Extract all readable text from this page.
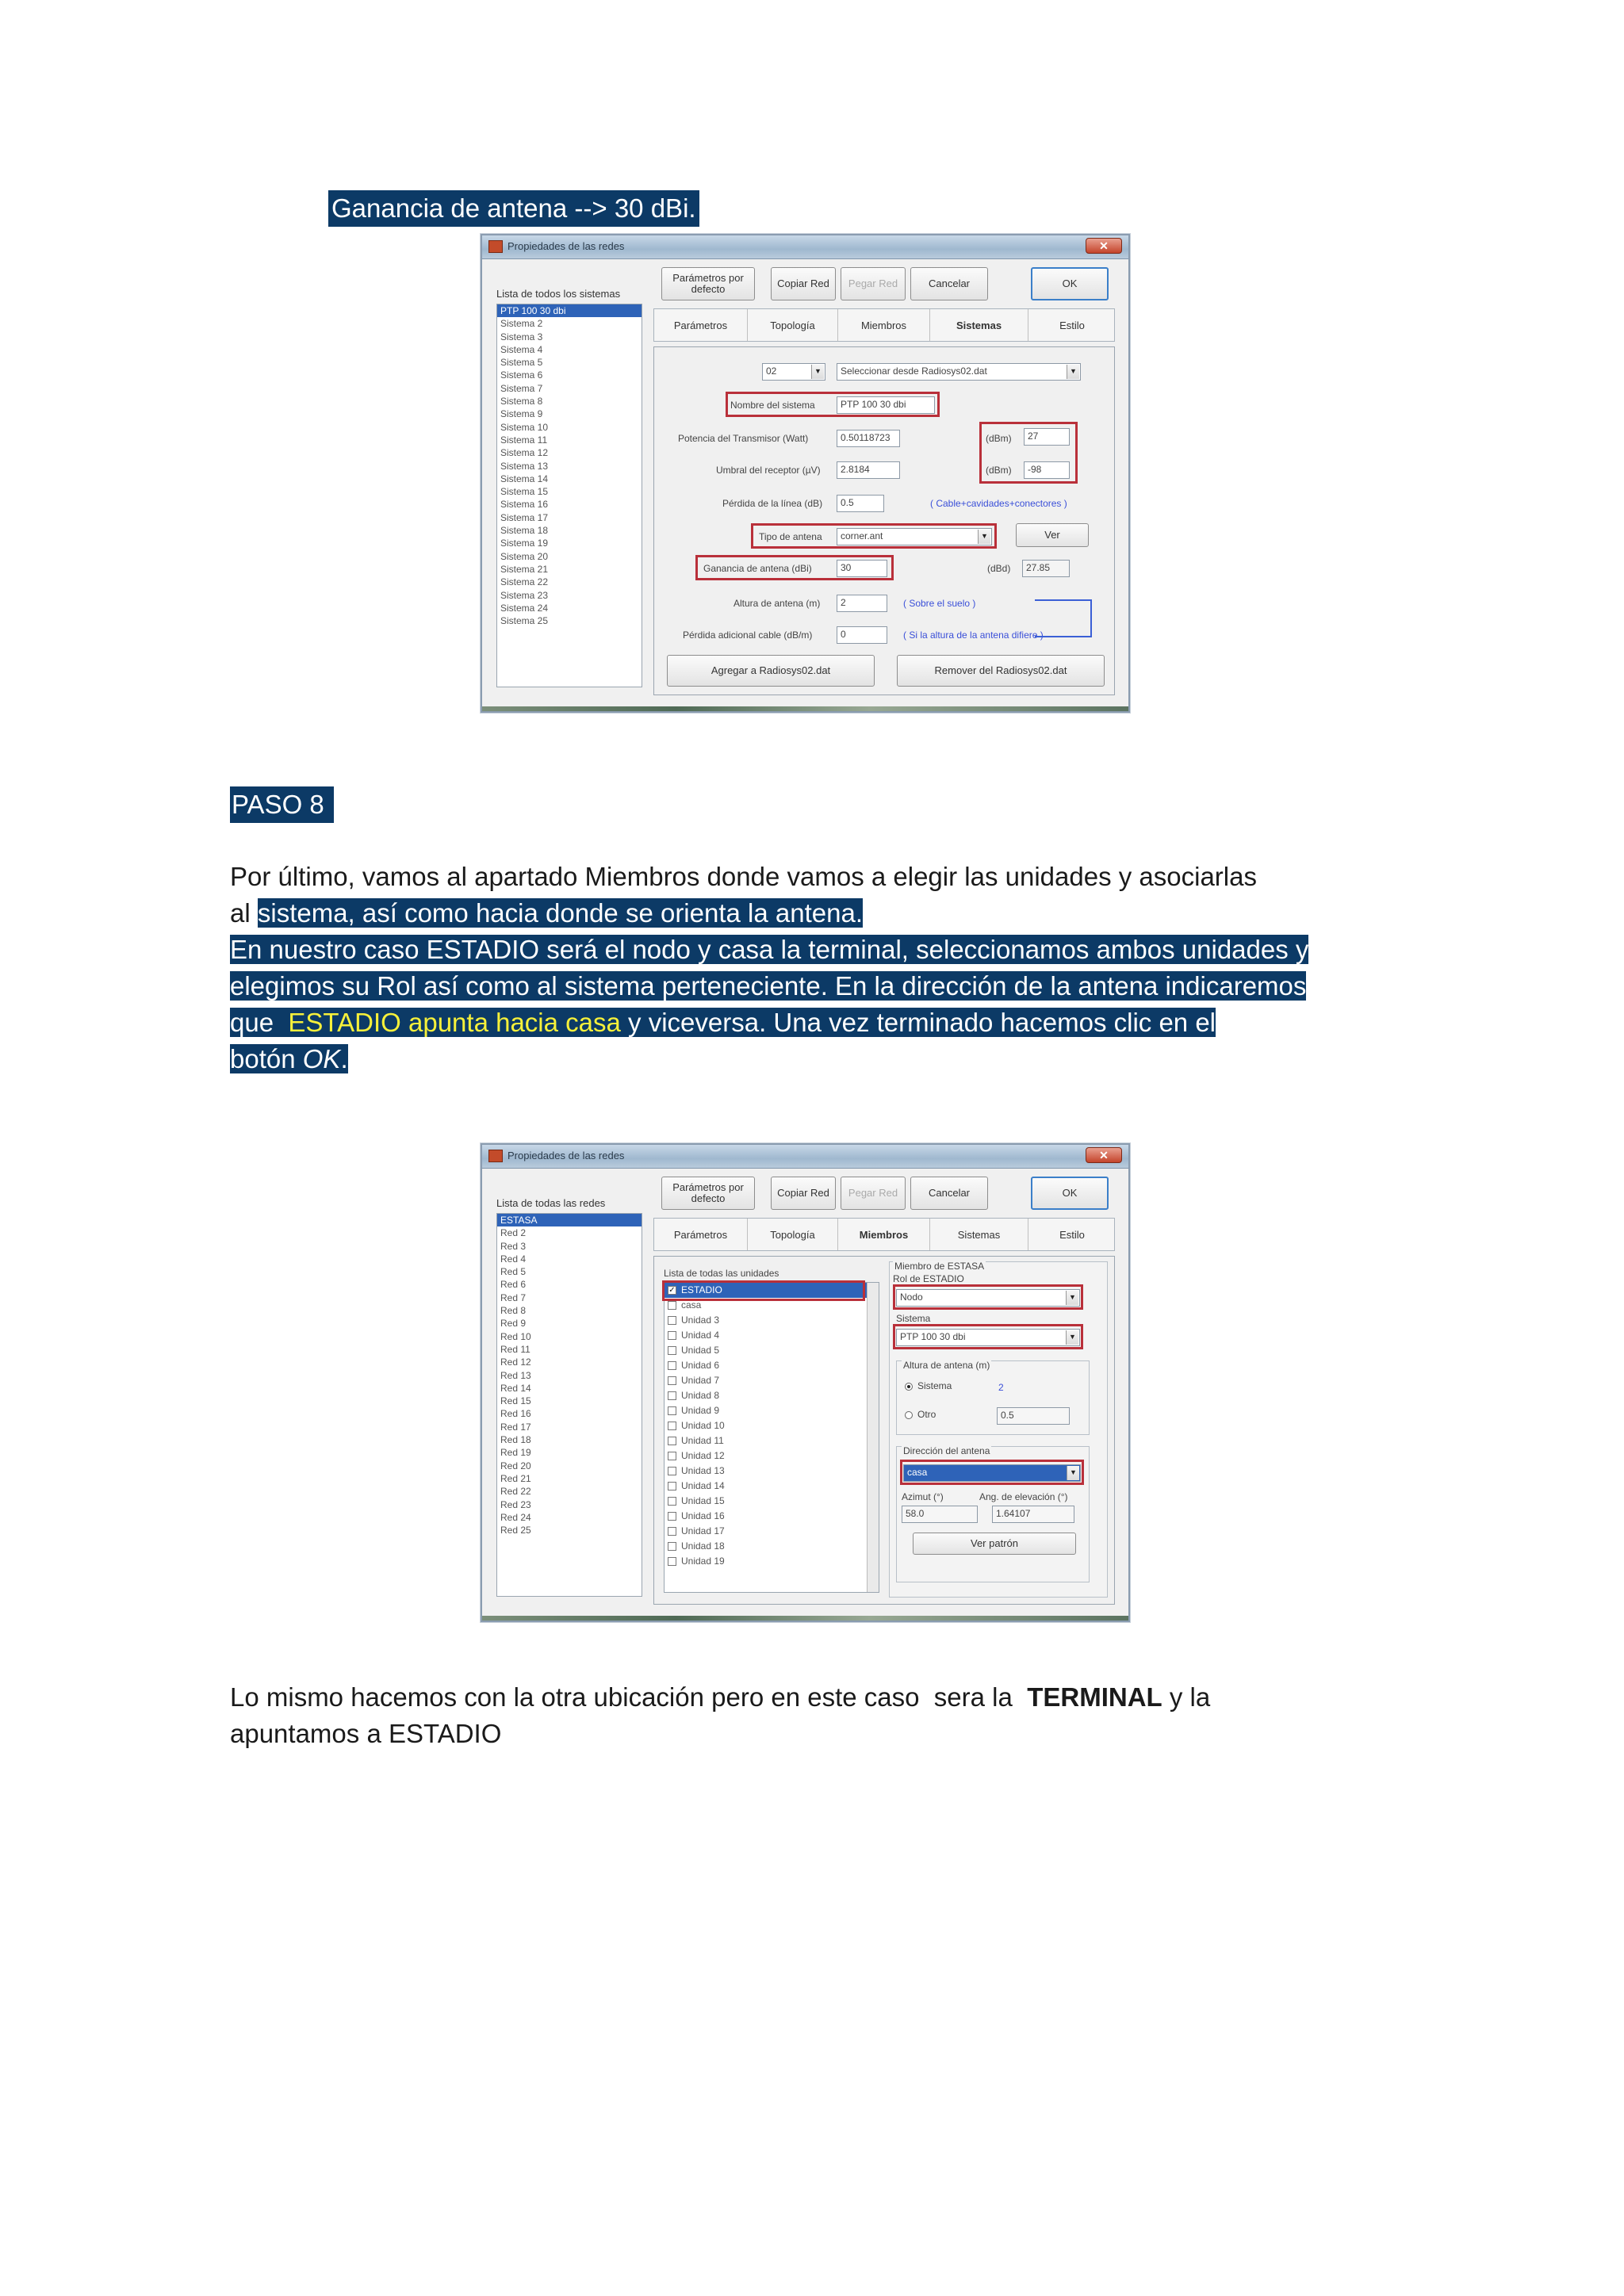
Ganancia de antena --> 30 dBi.
Propiedades de las redes	✕
Lista de todos los sistemas
PTP 100 30 dbi
Sistema 2
Sistema 3
Sistema 4
Sistema 5
Sistema 6
Sistema 7
Sistema 8
Sistema 9
Sistema 10
Sistema 11
Sistema 12
Sistema 13
Sistema 14
Sistema 15
Sistema 16
Sistema 17
Sistema 18
Sistema 19
Sistema 20
Sistema 21
Sistema 22
Sistema 23
Sistema 24
Sistema 25
Parámetros por defecto	Copiar Red	Pegar Red	Cancelar	OK
Parámetros	Topología	Miembros	Sistemas	Estilo
02	▼	Seleccionar desde Radiosys02.dat	▼
Nombre del sistema	PTP 100 30 dbi
Potencia del Transmisor (Watt)	0.50118723	(dBm)	27
Umbral del receptor (µV)	2.8184	(dBm)	-98
Pérdida de la línea (dB)	0.5	( Cable+cavidades+conectores )
Tipo de antena	corner.ant	▼	Ver
Ganancia de antena (dBi)	30	(dBd)	27.85
Altura de antena (m)	2	( Sobre el suelo )
Pérdida adicional cable (dB/m)	0	( Si la altura de la antena difiere )
Agregar a Radiosys02.dat	Remover del Radiosys02.dat
PASO 8
Por último, vamos al apartado Miembros donde vamos a elegir las unidades y asociarlas
al sistema, así como hacia donde se orienta la antena.
En nuestro caso ESTADIO será el nodo y casa la terminal, seleccionamos ambos unidades y
elegimos su Rol así como al sistema perteneciente. En la dirección de la antena indicaremos
que  ESTADIO apunta hacia casa y viceversa. Una vez terminado hacemos clic en el
botón OK.
Propiedades de las redes	✕
Lista de todas las redes
ESTASA
Red 2
Red 3
Red 4
Red 5
Red 6
Red 7
Red 8
Red 9
Red 10
Red 11
Red 12
Red 13
Red 14
Red 15
Red 16
Red 17
Red 18
Red 19
Red 20
Red 21
Red 22
Red 23
Red 24
Red 25
Parámetros por defecto	Copiar Red	Pegar Red	Cancelar	OK
Parámetros	Topología	Miembros	Sistemas	Estilo
Lista de todas las unidades
✓ ESTADIO
casa
Unidad 3
Unidad 4
Unidad 5
Unidad 6
Unidad 7
Unidad 8
Unidad 9
Unidad 10
Unidad 11
Unidad 12
Unidad 13
Unidad 14
Unidad 15
Unidad 16
Unidad 17
Unidad 18
Unidad 19
Miembro de ESTASA
Rol de ESTADIO
Nodo	▼
Sistema
PTP 100 30 dbi	▼
Altura de antena (m)
Sistema	2
Otro	0.5
Dirección del antena
casa	▼
Azimut (°)	Ang. de elevación (°)
58.0	1.64107
Ver patrón
Lo mismo hacemos con la otra ubicación pero en este caso  sera la  TERMINAL y la
apuntamos a ESTADIO
